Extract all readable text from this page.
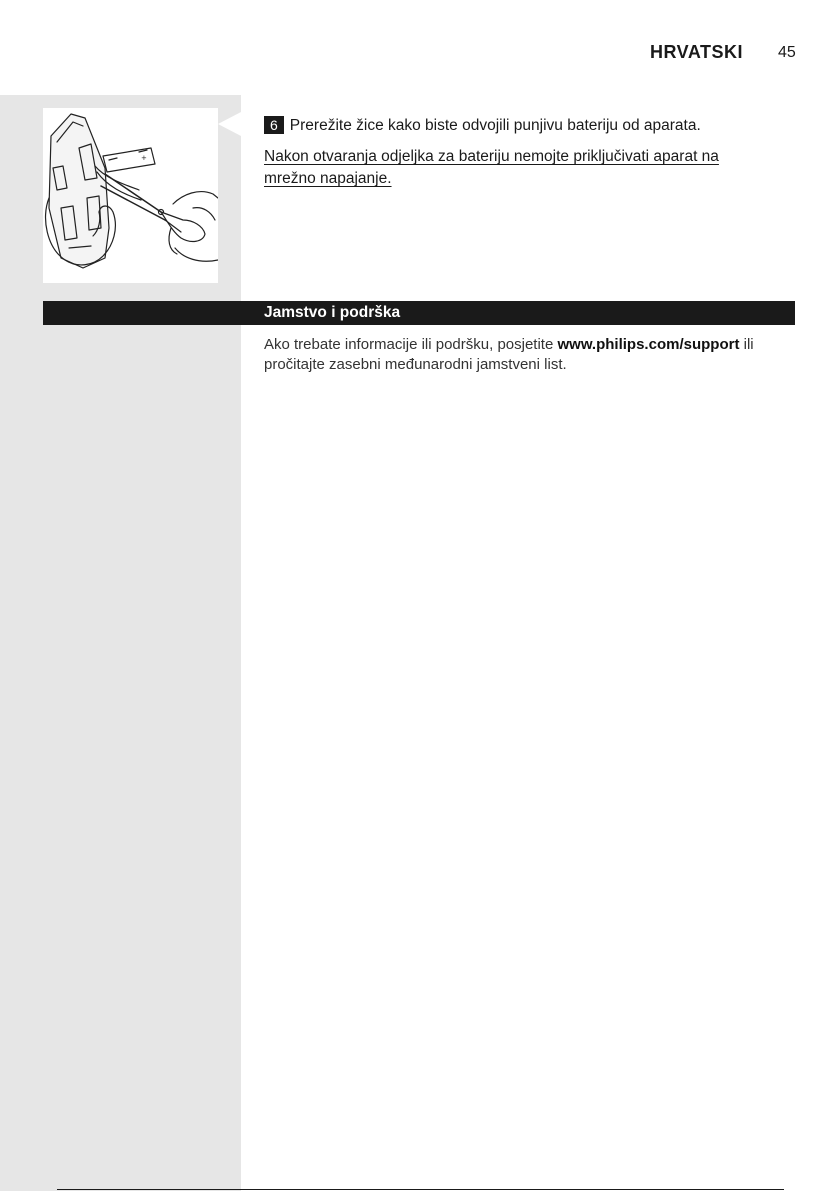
HRVATSKI 45
+
6 Prerežite žice kako biste odvojili punjivu bateriju od aparata.
Nakon otvaranja odjeljka za bateriju nemojte priključivati aparat na mrežno napajanje.
Jamstvo i podrška
Ako trebate informacije ili podršku, posjetite www.philips.com/support ili pročitajte zasebni međunarodni jamstveni list.
